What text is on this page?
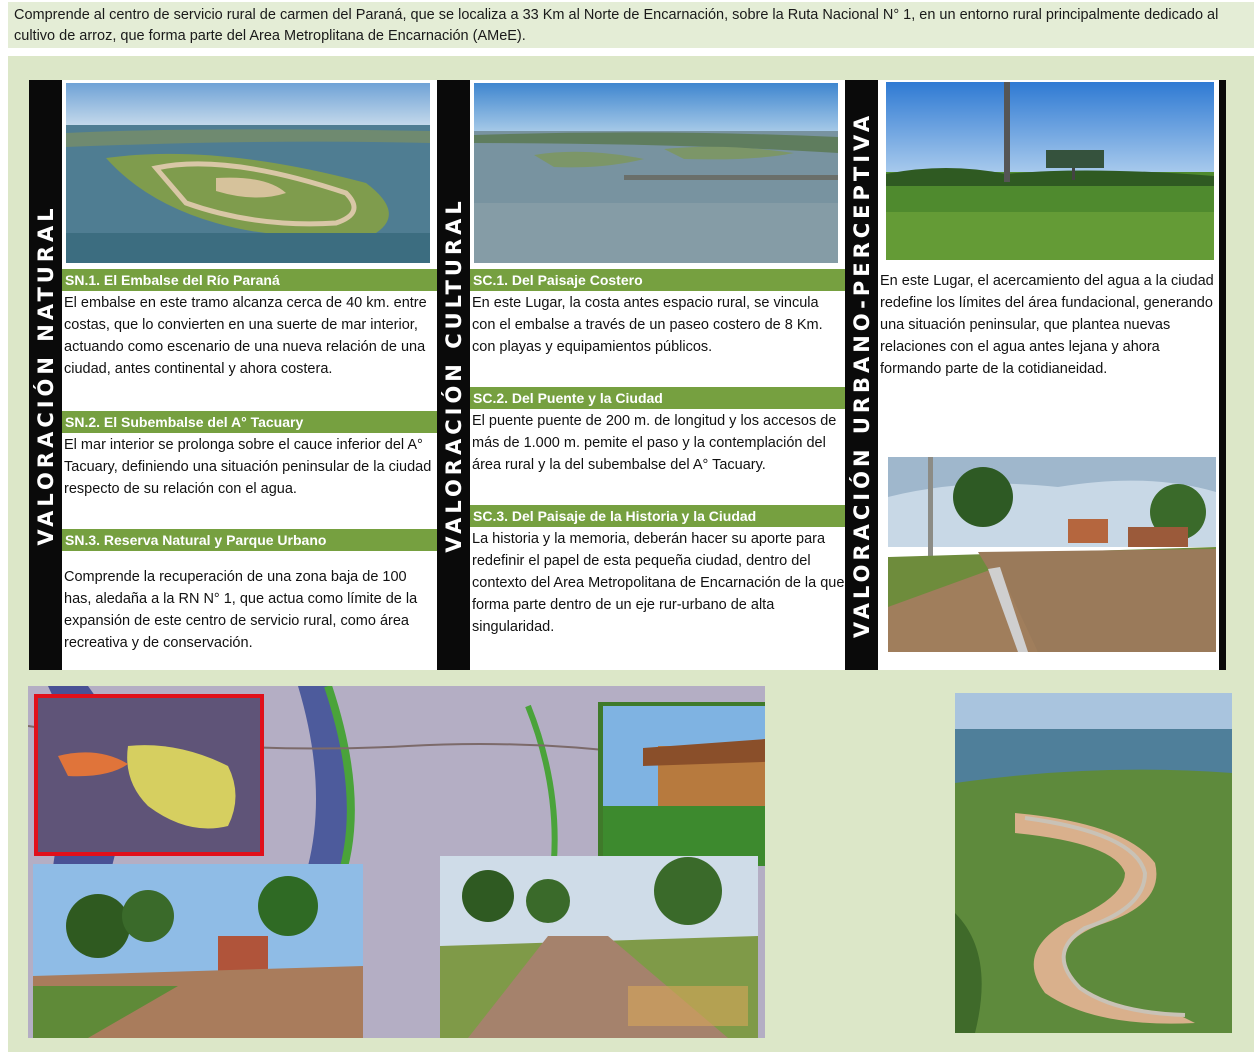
Comprende al centro de servicio rural de carmen del Paraná, que se localiza a 33 Km al Norte de Encarnación, sobre la Ruta Nacional N° 1, en un entorno rural principalmente dedicado al cultivo de arroz, que forma parte del Area Metroplitana de Encarnación (AMeE).
VALORACIÓN NATURAL SN.1. El Embalse del Río Paraná
El embalse en este tramo alcanza cerca de 40 km. entre costas, que lo convierten en una suerte de mar interior, actuando como escenario de una nueva relación de una ciudad, antes continental y ahora costera.
SN.2. El Subembalse del A° Tacuary
El mar interior se prolonga sobre el cauce inferior del A° Tacuary, definiendo una situación peninsular de la ciudad respecto de su relación con el agua.
SN.3. Reserva Natural y Parque Urbano
Comprende la recuperación de una zona baja de 100 has, aledaña a la RN N° 1, que actua como límite de la expansión de este centro de servicio rural, como área recreativa y de conservación.
VALORACIÓN CULTURAL SC.1. Del Paisaje Costero
En este Lugar, la costa antes espacio rural, se vincula con el embalse a través de un paseo costero de 8 Km. con playas y equipamientos públicos.
SC.2. Del Puente y la Ciudad
El puente puente de 200 m. de longitud y los accesos de más de 1.000 m. pemite el paso y la contemplación del área rural y la del subembalse del A° Tacuary.
SC.3. Del Paisaje de la Historia y la Ciudad
La historia y la memoria, deberán hacer su aporte para redefinir el papel de esta pequeña ciudad, dentro del contexto del Area Metropolitana de Encarnación de la que forma parte dentro de un eje rur-urbano de alta singularidad.	VALORACIÓN URBANO-PERCEPTIVA En este Lugar, el acercamiento del agua a la ciudad redefine los límites del área fundacional, generando una situación peninsular, que plantea nuevas relaciones con el agua antes lejana y ahora formando parte de la cotidianeidad.
